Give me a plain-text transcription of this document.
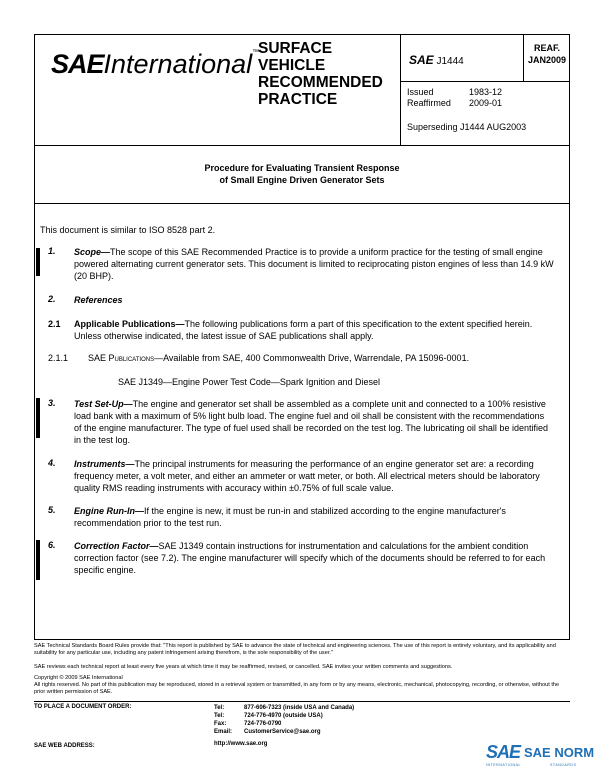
SAEInternational™
SURFACE
VEHICLE
RECOMMENDED
PRACTICE
SAE J1444
REAF.
JAN2009
Issued	1983-12
Reaffirmed 2009-01
Superseding J1444 AUG2003
Procedure for Evaluating Transient Response
of Small Engine Driven Generator Sets
This document is similar to ISO 8528 part 2.
1. Scope—The scope of this SAE Recommended Practice is to provide a uniform practice for the testing of small engine powered alternating current generator sets. This document is limited to reciprocating piston engines of less than 14.9 kW (20 BHP).
2. References
2.1 Applicable Publications—The following publications form a part of this specification to the extent specified herein. Unless otherwise indicated, the latest issue of SAE publications shall apply.
2.1.1 SAE Publications—Available from SAE, 400 Commonwealth Drive, Warrendale, PA 15096-0001.
SAE J1349—Engine Power Test Code—Spark Ignition and Diesel
3. Test Set-Up—The engine and generator set shall be assembled as a complete unit and connected to a 100% resistive load bank with a maximum of 5% light bulb load. The engine fuel and oil shall be consistent with the recommendations of the engine manufacturer. The type of fuel used shall be recorded on the test log. The lubricating oil shall be identified in the test log.
4. Instruments—The principal instruments for measuring the performance of an engine generator set are: a recording frequency meter, a volt meter, and either an ammeter or watt meter, or both. All electrical meters should be laboratory quality RMS reading instruments with accuracy within ±0.75% of full scale value.
5. Engine Run-In—If the engine is new, it must be run-in and stabilized according to the engine manufacturer's recommendation prior to the test run.
6. Correction Factor—SAE J1349 contain instructions for instrumentation and calculations for the ambient condition correction factor (see 7.2). The engine manufacturer will specify which of the documents should be referred to for each specific engine.
SAE Technical Standards Board Rules provide that: "This report is published by SAE to advance the state of technical and engineering sciences. The use of this report is entirely voluntary, and its applicability and suitability for any particular use, including any patent infringement arising therefrom, is the sole responsibility of the user."
SAE reviews each technical report at least every five years at which time it may be reaffirmed, revised, or cancelled. SAE invites your written comments and suggestions.
Copyright © 2009 SAE International
All rights reserved. No part of this publication may be reproduced, stored in a retrieval system or transmitted, in any form or by any means, electronic, mechanical, photocopying, recording, or otherwise, without the prior written permission of SAE.
TO PLACE A DOCUMENT ORDER:
SAE WEB ADDRESS:
Tel:	877-606-7323 (inside USA and Canada)
Tel:	724-776-4970 (outside USA)
Fax:	724-776-0790
Email: CustomerService@sae.org
http://www.sae.org	SAE SAE NORM
INTERNATIONAL	STANDARDS
